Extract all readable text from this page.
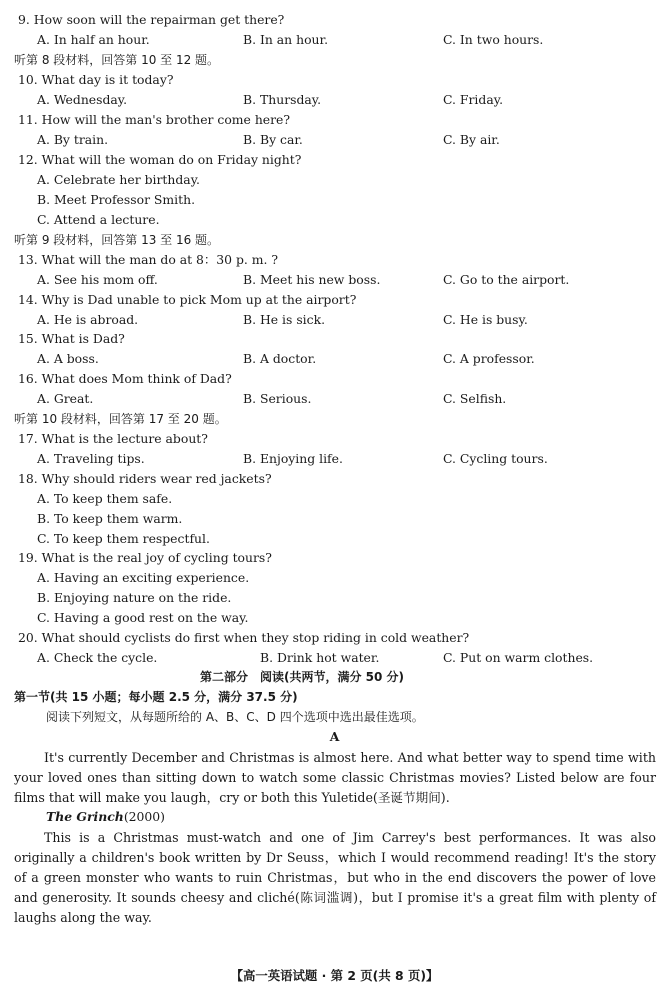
9. How soon will the repairman get there?
A. In half an hour.	B. In an hour.	C. In two hours.
听第 8 段材料，回答第 10 至 12 题。
10. What day is it today?
A. Wednesday.	B. Thursday.	C. Friday.
11. How will the man's brother come here?
A. By train.	B. By car.	C. By air.
12. What will the woman do on Friday night?
A. Celebrate her birthday.
B. Meet Professor Smith.
C. Attend a lecture.
听第 9 段材料，回答第 13 至 16 题。
13. What will the man do at 8：30 p. m. ?
A. See his mom off.	B. Meet his new boss.	C. Go to the airport.
14. Why is Dad unable to pick Mom up at the airport?
A. He is abroad.	B. He is sick.	C. He is busy.
15. What is Dad?
A. A boss.	B. A doctor.	C. A professor.
16. What does Mom think of Dad?
A. Great.	B. Serious.	C. Selfish.
听第 10 段材料，回答第 17 至 20 题。
17. What is the lecture about?
A. Traveling tips.	B. Enjoying life.	C. Cycling tours.
18. Why should riders wear red jackets?
A. To keep them safe.
B. To keep them warm.
C. To keep them respectful.
19. What is the real joy of cycling tours?
A. Having an exciting experience.
B. Enjoying nature on the ride.
C. Having a good rest on the way.
20. What should cyclists do first when they stop riding in cold weather?
A. Check the cycle.	B. Drink hot water.	C. Put on warm clothes.
第二部分　阅读(共两节，满分 50 分)
第一节(共 15 小题；每小题 2.5 分，满分 37.5 分)
阅读下列短文，从每题所给的 A、B、C、D 四个选项中选出最佳选项。
A
It's currently December and Christmas is almost here. And what better way to spend time with your loved ones than sitting down to watch some classic Christmas movies? Listed below are four films that will make you laugh，cry or both this Yuletide(圣诞节期间).
The Grinch(2000)
This is a Christmas must-watch and one of Jim Carrey's best performances. It was also originally a children's book written by Dr Seuss，which I would recommend reading! It's the story of a green monster who wants to ruin Christmas，but who in the end discovers the power of love and generosity. It sounds cheesy and cliché(陈词滥调)，but I promise it's a great film with plenty of laughs along the way.
【高一英语试题 · 第 2 页(共 8 页)】
